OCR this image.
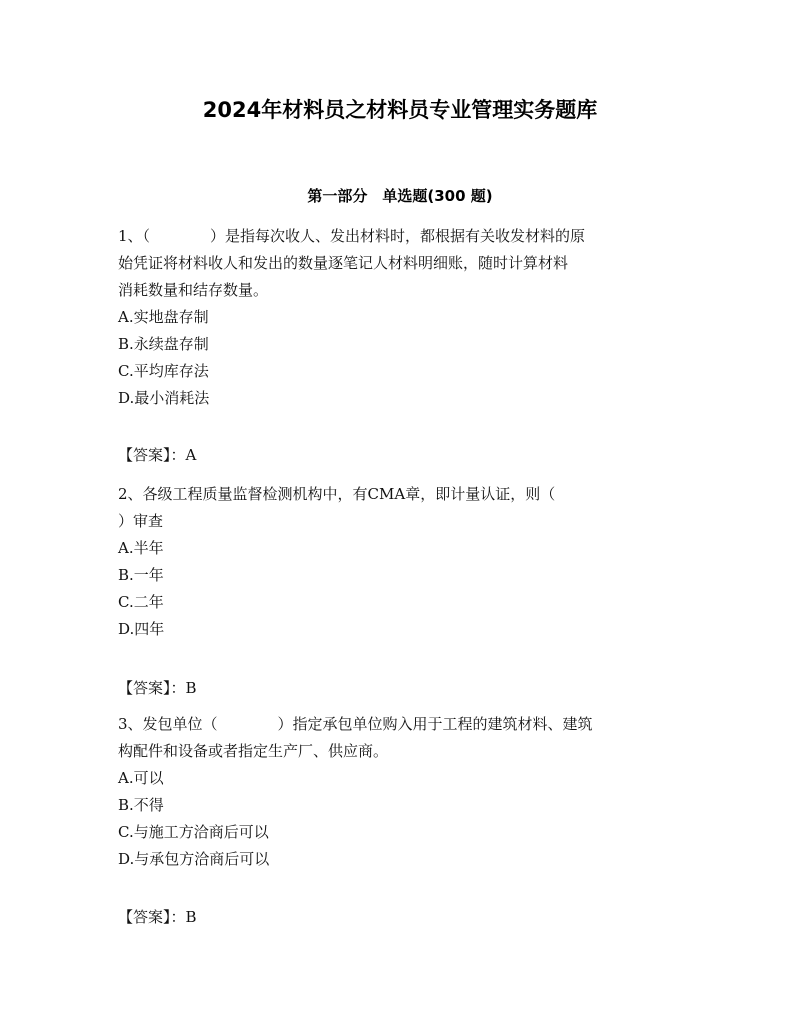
2024年材料员之材料员专业管理实务题库
第一部分　单选题(300 题)

1、（　　　　）是指每次收人、发出材料时，都根据有关收发材料的原

始凭证将材料收人和发出的数量逐笔记人材料明细账，随时计算材料

消耗数量和结存数量。

A.实地盘存制

B.永续盘存制

C.平均库存法

D.最小消耗法

【答案】：A

2、各级工程质量监督检测机构中，有CMA章，即计量认证，则（

）审查

A.半年

B.一年

C.二年

D.四年

【答案】：B

3、发包单位（　　　　）指定承包单位购入用于工程的建筑材料、建筑

构配件和设备或者指定生产厂、供应商。

A.可以

B.不得

C.与施工方洽商后可以

D.与承包方洽商后可以

【答案】：B
